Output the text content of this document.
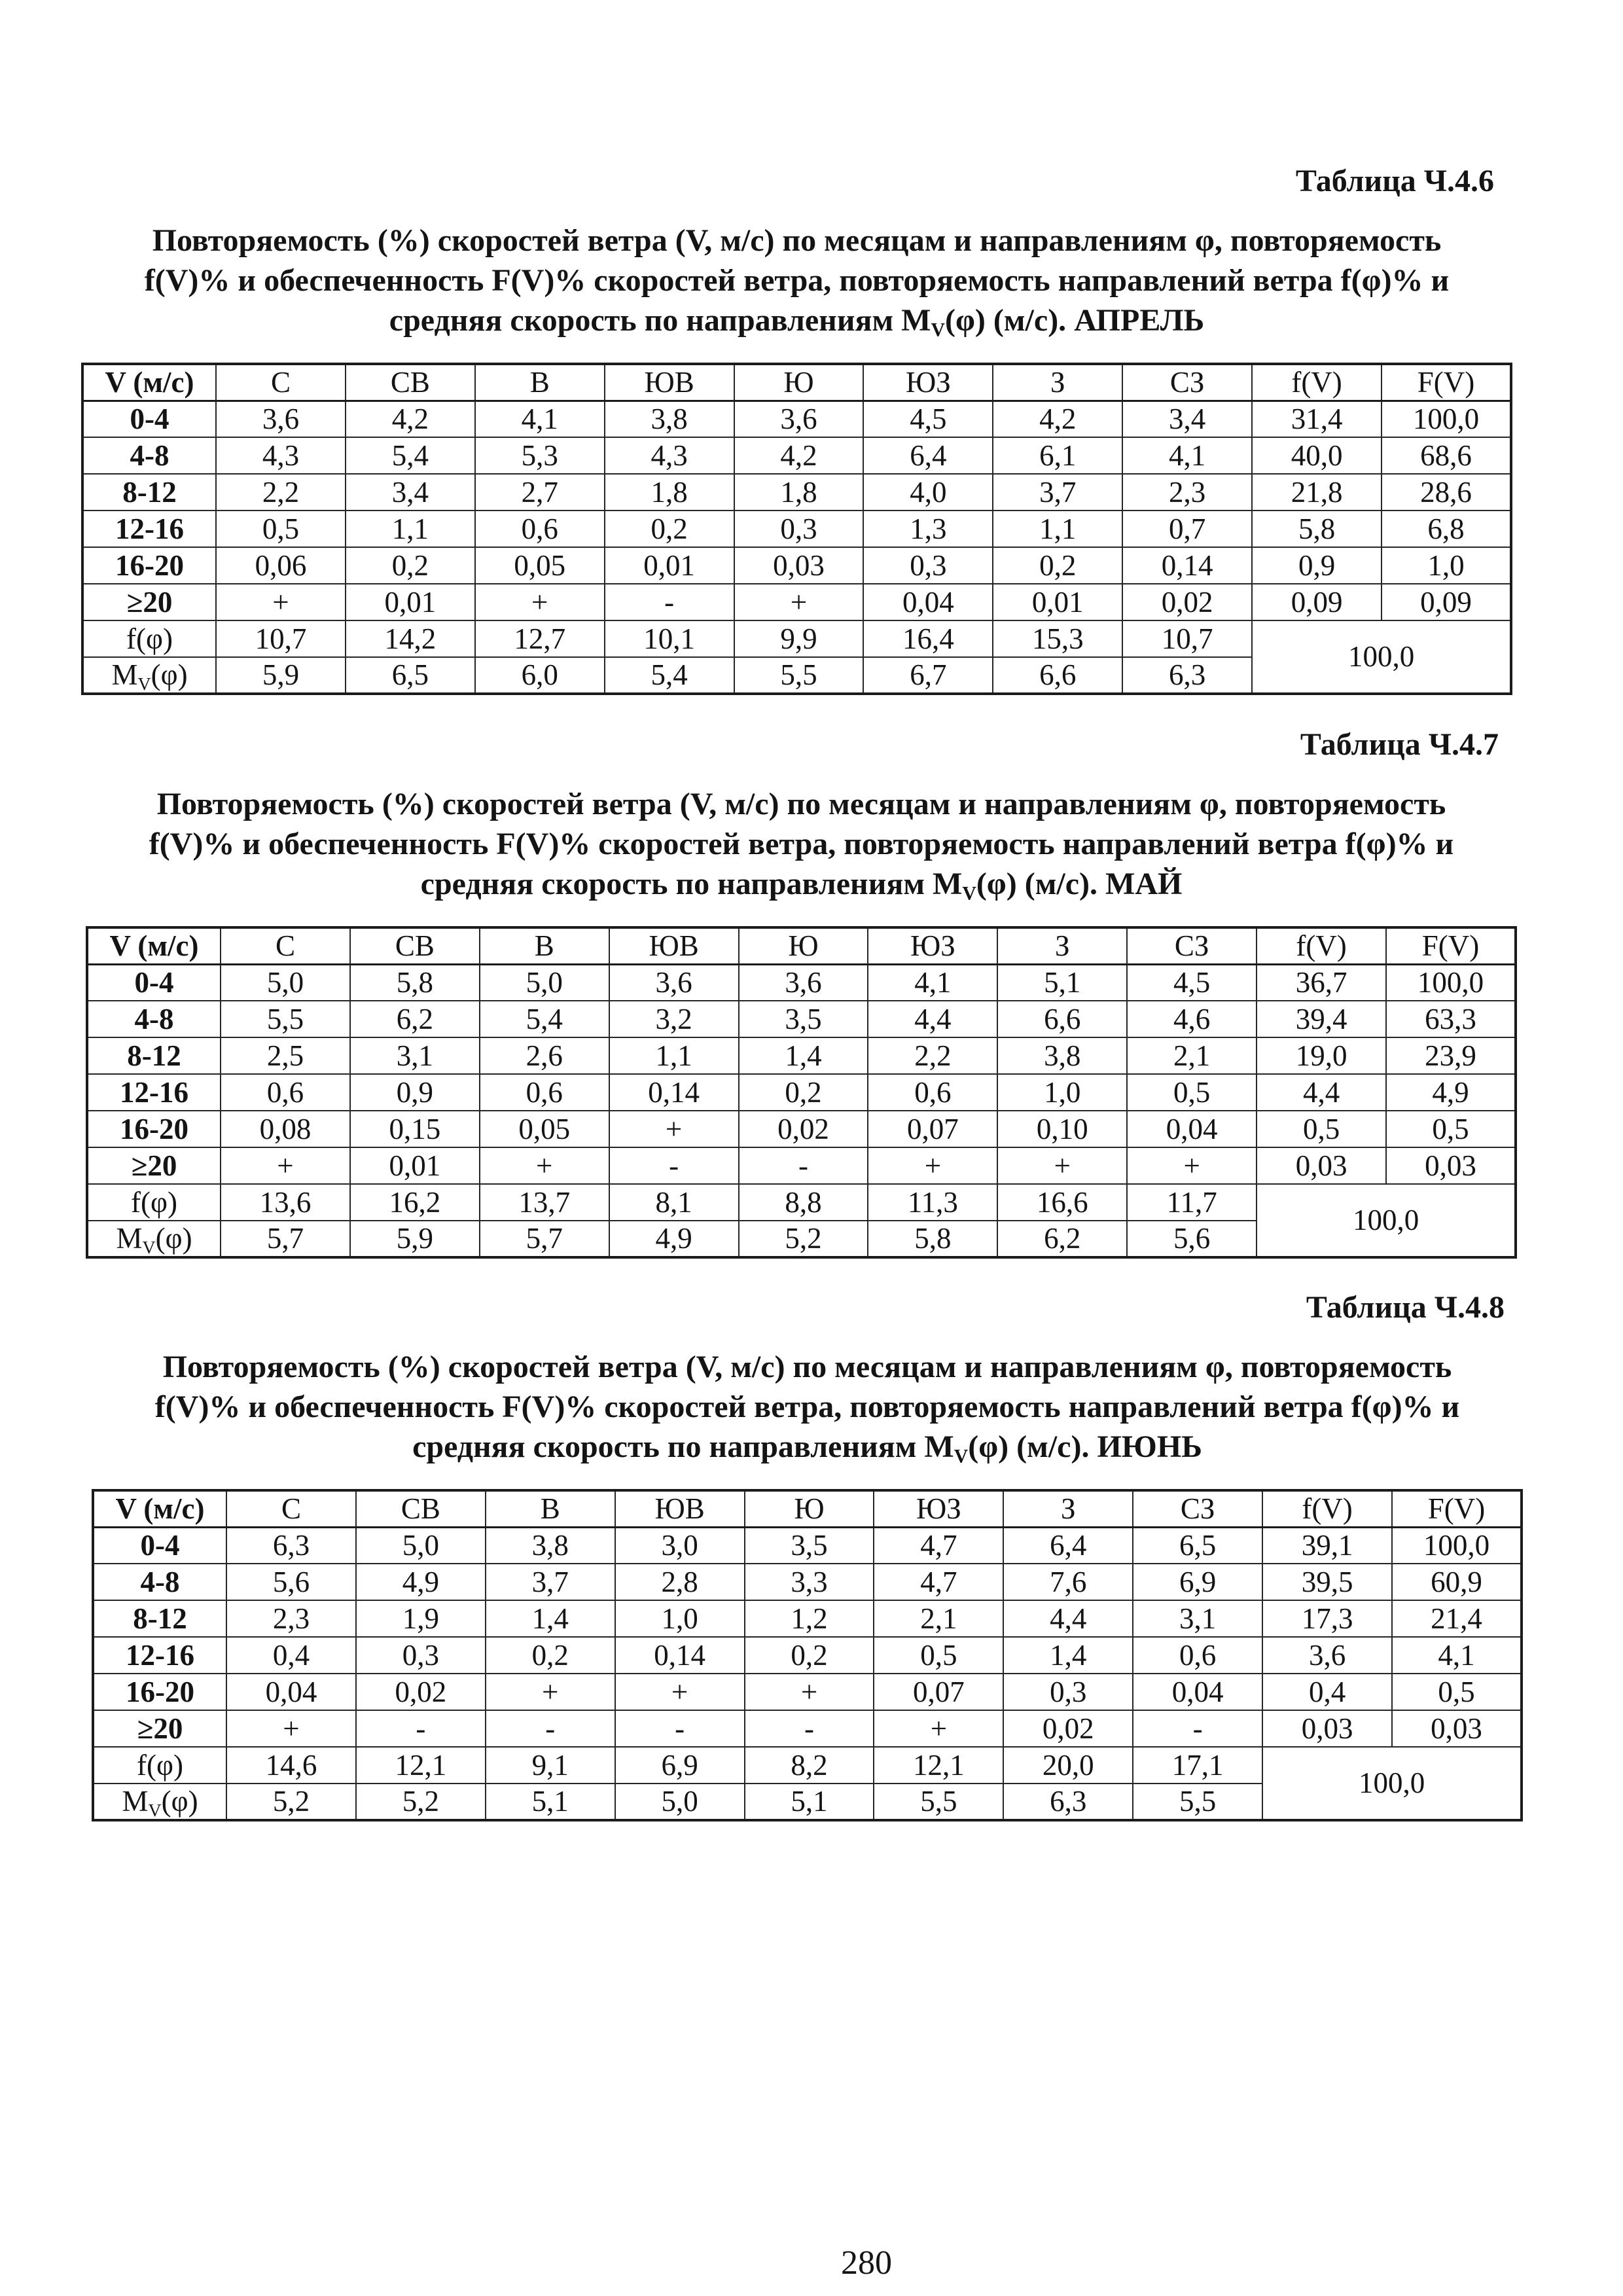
Таблица Ч.4.6
Повторяемость (%) скоростей ветра (V, м/с) по месяцам и направлениям φ, повторяемость
f(V)% и обеспеченность F(V)% скоростей ветра, повторяемость направлений ветра f(φ)% и
средняя скорость по направлениям $M_V(\varphi)$ (м/с). АПРЕЛЬ
V (м/с)	С	СВ	В	ЮВ	Ю	ЮЗ	З	СЗ	f(V)	F(V)
0-4	3,6	4,2	4,1	3,8	3,6	4,5	4,2	3,4	31,4	100,0
4-8	4,3	5,4	5,3	4,3	4,2	6,4	6,1	4,1	40,0	68,6
8-12	2,2	3,4	2,7	1,8	1,8	4,0	3,7	2,3	21,8	28,6
12-16	0,5	1,1	0,6	0,2	0,3	1,3	1,1	0,7	5,8	6,8
16-20	0,06	0,2	0,05	0,01	0,03	0,3	0,2	0,14	0,9	1,0
≥20	+	0,01	+	-	+	0,04	0,01	0,02	0,09	0,09
f(φ)	10,7	14,2	12,7	10,1	9,9	16,4	15,3	10,7	100,0	
$M_V(\varphi)$	5,9	6,5	6,0	5,4	5,5	6,7	6,6	6,3		
Таблица Ч.4.7
Повторяемость (%) скоростей ветра (V, м/с) по месяцам и направлениям φ, повторяемость
f(V)% и обеспеченность F(V)% скоростей ветра, повторяемость направлений ветра f(φ)% и
средняя скорость по направлениям $M_V(\varphi)$ (м/с). МАЙ
V (м/с)	С	СВ	В	ЮВ	Ю	ЮЗ	З	СЗ	f(V)	F(V)
0-4	5,0	5,8	5,0	3,6	3,6	4,1	5,1	4,5	36,7	100,0
4-8	5,5	6,2	5,4	3,2	3,5	4,4	6,6	4,6	39,4	63,3
8-12	2,5	3,1	2,6	1,1	1,4	2,2	3,8	2,1	19,0	23,9
12-16	0,6	0,9	0,6	0,14	0,2	0,6	1,0	0,5	4,4	4,9
16-20	0,08	0,15	0,05	+	0,02	0,07	0,10	0,04	0,5	0,5
≥20	+	0,01	+	-	-	+	+	+	0,03	0,03
f(φ)	13,6	16,2	13,7	8,1	8,8	11,3	16,6	11,7	100,0	
$M_V(\varphi)$	5,7	5,9	5,7	4,9	5,2	5,8	6,2	5,6		
Таблица Ч.4.8
Повторяемость (%) скоростей ветра (V, м/с) по месяцам и направлениям φ, повторяемость
f(V)% и обеспеченность F(V)% скоростей ветра, повторяемость направлений ветра f(φ)% и
средняя скорость по направлениям $M_V(\varphi)$ (м/с). ИЮНЬ
V (м/с)	С	СВ	В	ЮВ	Ю	ЮЗ	З	СЗ	f(V)	F(V)
0-4	6,3	5,0	3,8	3,0	3,5	4,7	6,4	6,5	39,1	100,0
4-8	5,6	4,9	3,7	2,8	3,3	4,7	7,6	6,9	39,5	60,9
8-12	2,3	1,9	1,4	1,0	1,2	2,1	4,4	3,1	17,3	21,4
12-16	0,4	0,3	0,2	0,14	0,2	0,5	1,4	0,6	3,6	4,1
16-20	0,04	0,02	+	+	+	0,07	0,3	0,04	0,4	0,5
≥20	+	-	-	-	-	+	0,02	-	0,03	0,03
f(φ)	14,6	12,1	9,1	6,9	8,2	12,1	20,0	17,1	100,0	
$M_V(\varphi)$	5,2	5,2	5,1	5,0	5,1	5,5	6,3	5,5		
280
